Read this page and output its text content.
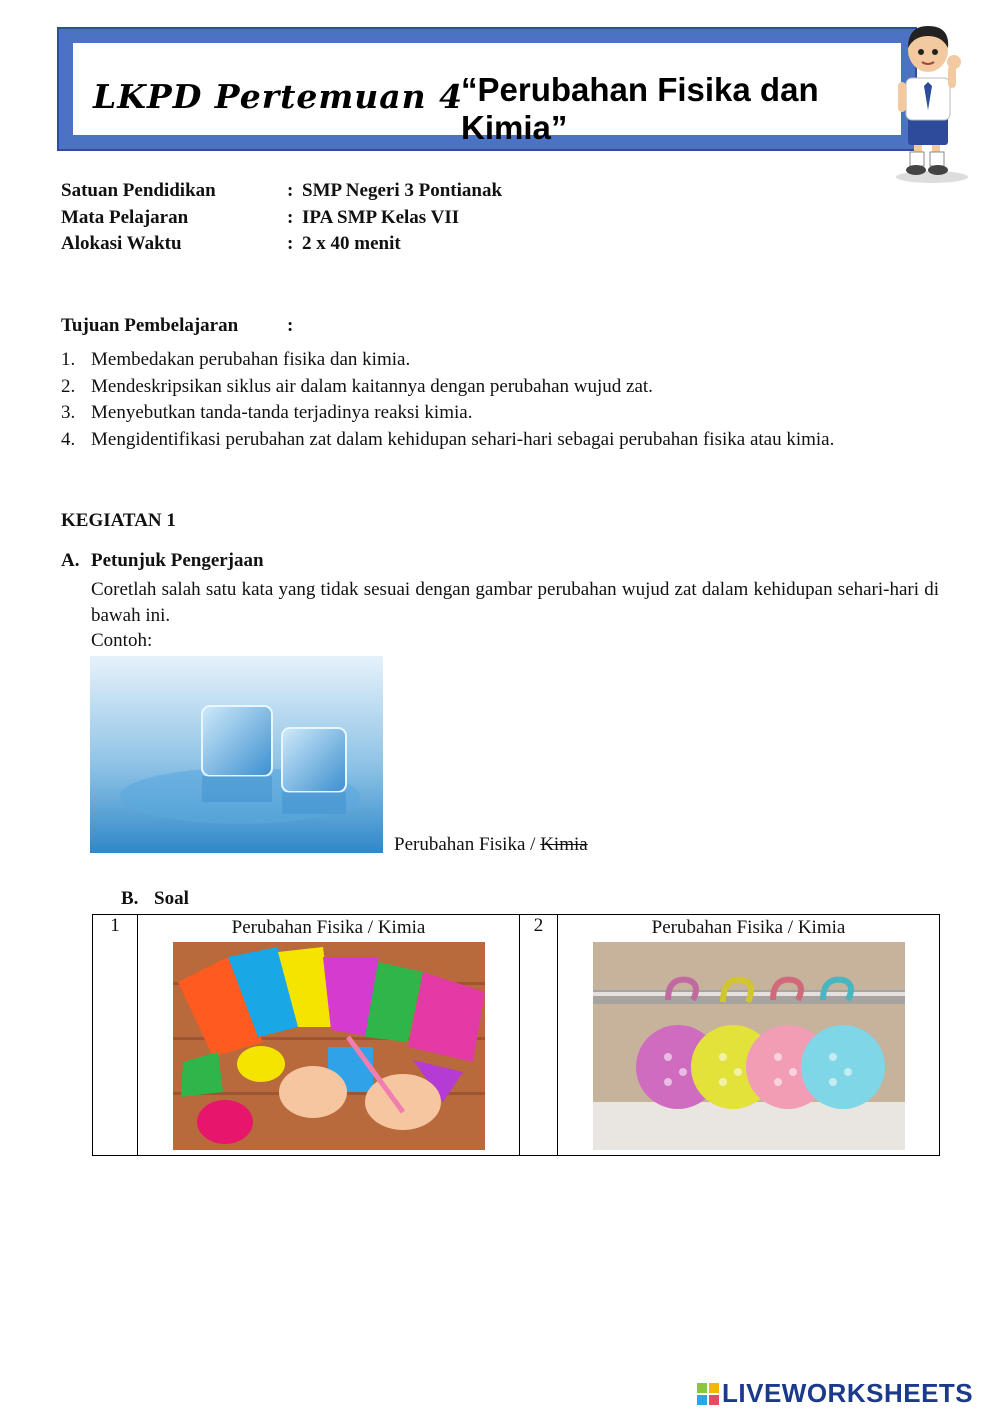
LKPD Pertemuan 4
“Perubahan Fisika dan Kimia”
Satuan Pendidikan	: SMP Negeri 3 Pontianak
Mata Pelajaran	: IPA SMP Kelas VII
Alokasi Waktu	: 2 x 40 menit
Tujuan Pembelajaran	:
1. Membedakan perubahan fisika dan kimia.
2. Mendeskripsikan siklus air dalam kaitannya dengan perubahan wujud zat.
3. Menyebutkan tanda-tanda terjadinya reaksi kimia.
4. Mengidentifikasi perubahan zat dalam kehidupan sehari-hari sebagai perubahan fisika atau kimia.
KEGIATAN 1
A. Petunjuk Pengerjaan
Coretlah salah satu kata yang tidak sesuai dengan gambar perubahan wujud zat dalam kehidupan sehari-hari di bawah ini.
Contoh:
Perubahan Fisika / Kimia
B. Soal
1	Perubahan Fisika / Kimia	2	Perubahan Fisika / Kimia
LIVEWORKSHEETS
